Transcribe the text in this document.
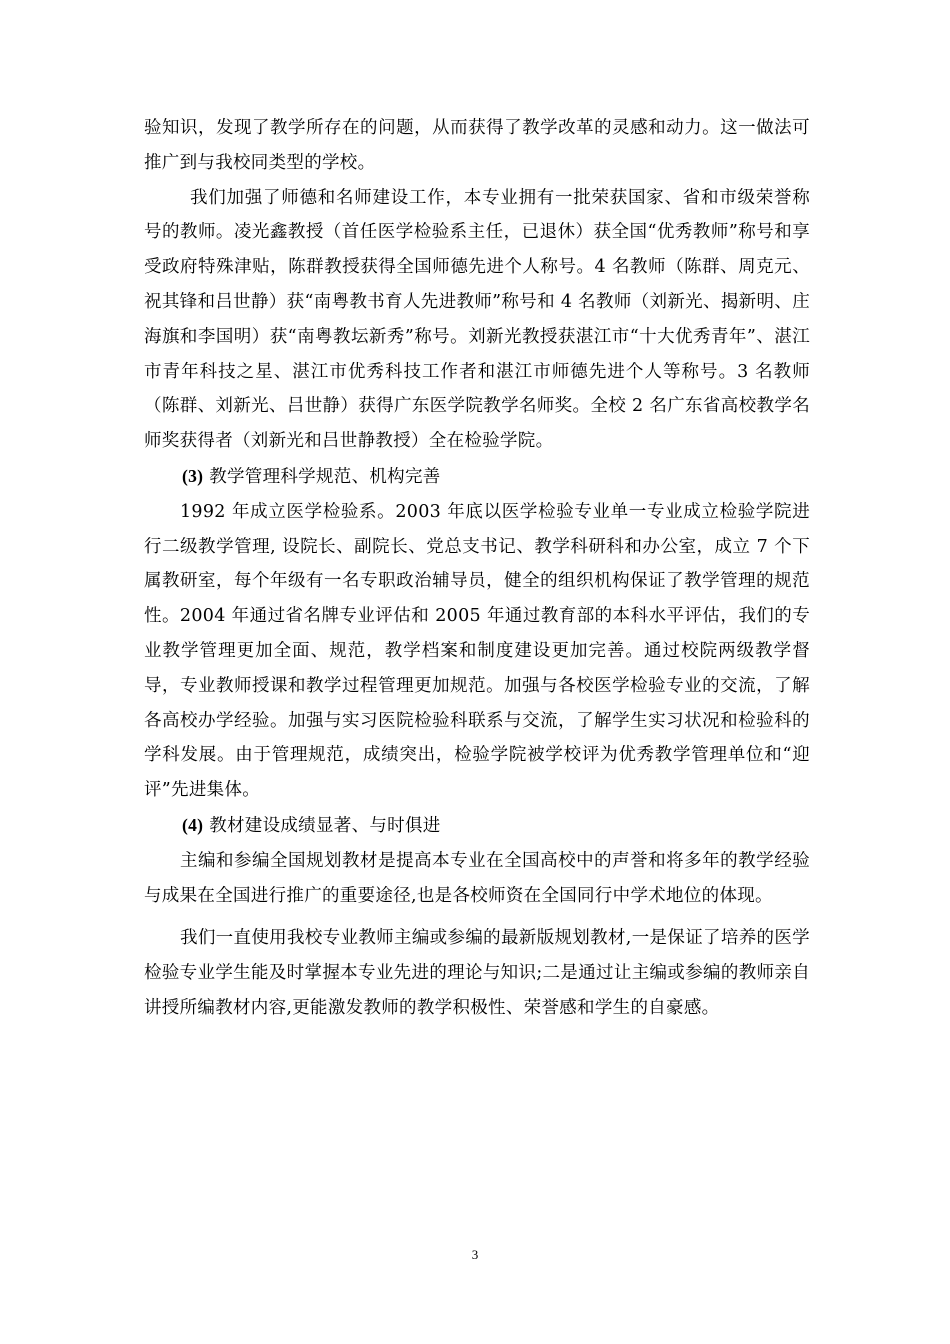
验知识，发现了教学所存在的问题，从而获得了教学改革的灵感和动力。这一做法可推广到与我校同类型的学校。

我们加强了师德和名师建设工作，本专业拥有一批荣获国家、省和市级荣誉称号的教师。凌光鑫教授（首任医学检验系主任，已退休）获全国“优秀教师”称号和享受政府特殊津贴，陈群教授获得全国师德先进个人称号。4 名教师（陈群、周克元、祝其锋和吕世静）获“南粤教书育人先进教师”称号和 4 名教师（刘新光、揭新明、庄海旗和李国明）获“南粤教坛新秀”称号。刘新光教授获湛江市“十大优秀青年”、湛江市青年科技之星、湛江市优秀科技工作者和湛江市师德先进个人等称号。3 名教师（陈群、刘新光、吕世静）获得广东医学院教学名师奖。全校 2 名广东省高校教学名师奖获得者（刘新光和吕世静教授）全在检验学院。

(3) 教学管理科学规范、机构完善

1992 年成立医学检验系。2003 年底以医学检验专业单一专业成立检验学院进行二级教学管理, 设院长、副院长、党总支书记、教学科研科和办公室，成立 7 个下属教研室，每个年级有一名专职政治辅导员，健全的组织机构保证了教学管理的规范性。2004 年通过省名牌专业评估和 2005 年通过教育部的本科水平评估，我们的专业教学管理更加全面、规范，教学档案和制度建设更加完善。通过校院两级教学督导，专业教师授课和教学过程管理更加规范。加强与各校医学检验专业的交流，了解各高校办学经验。加强与实习医院检验科联系与交流，了解学生实习状况和检验科的学科发展。由于管理规范，成绩突出，检验学院被学校评为优秀教学管理单位和“迎评”先进集体。

(4) 教材建设成绩显著、与时俱进

主编和参编全国规划教材是提高本专业在全国高校中的声誉和将多年的教学经验与成果在全国进行推广的重要途径,也是各校师资在全国同行中学术地位的体现。

我们一直使用我校专业教师主编或参编的最新版规划教材,一是保证了培养的医学检验专业学生能及时掌握本专业先进的理论与知识;二是通过让主编或参编的教师亲自讲授所编教材内容,更能激发教师的教学积极性、荣誉感和学生的自豪感。

3
